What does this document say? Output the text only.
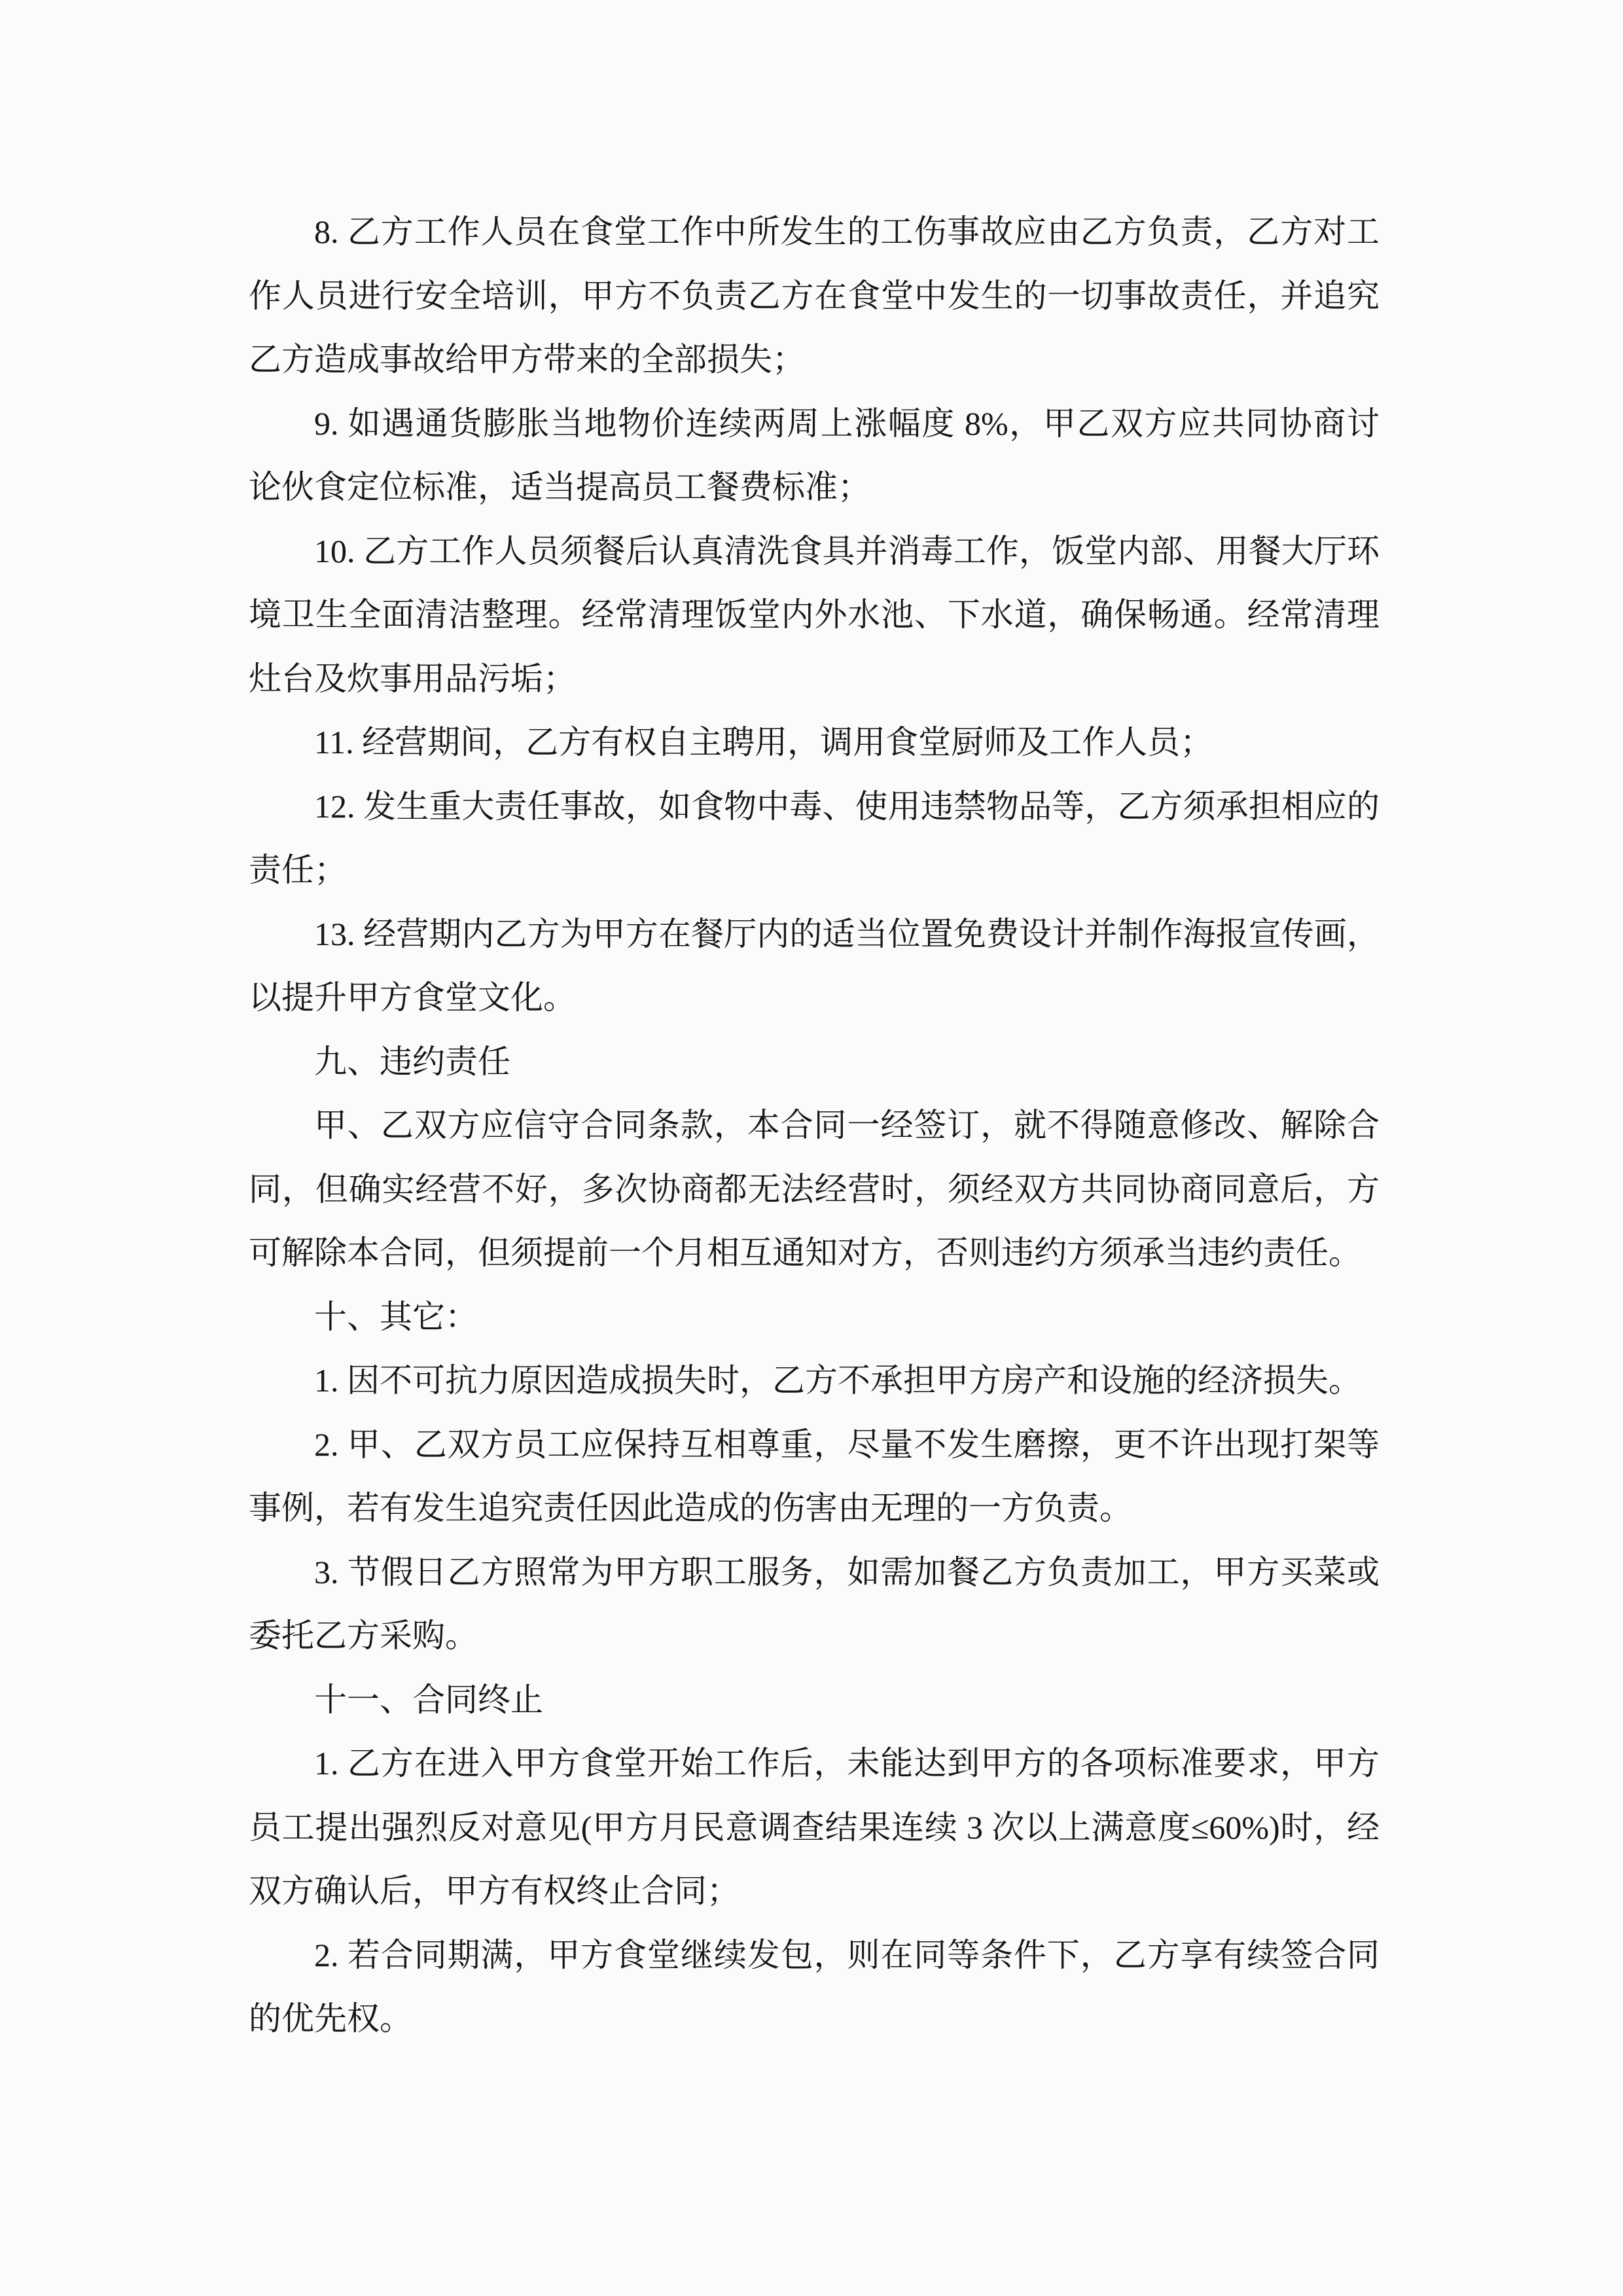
8. 乙方工作人员在食堂工作中所发生的工伤事故应由乙方负责，乙方对工作人员进行安全培训，甲方不负责乙方在食堂中发生的一切事故责任，并追究乙方造成事故给甲方带来的全部损失；

9. 如遇通货膨胀当地物价连续两周上涨幅度 8%，甲乙双方应共同协商讨论伙食定位标准，适当提高员工餐费标准；

10. 乙方工作人员须餐后认真清洗食具并消毒工作，饭堂内部、用餐大厅环境卫生全面清洁整理。经常清理饭堂内外水池、下水道，确保畅通。经常清理灶台及炊事用品污垢；

11. 经营期间，乙方有权自主聘用，调用食堂厨师及工作人员；

12. 发生重大责任事故，如食物中毒、使用违禁物品等，乙方须承担相应的责任；

13. 经营期内乙方为甲方在餐厅内的适当位置免费设计并制作海报宣传画，以提升甲方食堂文化。

九、违约责任

甲、乙双方应信守合同条款，本合同一经签订，就不得随意修改、解除合同，但确实经营不好，多次协商都无法经营时，须经双方共同协商同意后，方可解除本合同，但须提前一个月相互通知对方，否则违约方须承当违约责任。

十、其它：

1. 因不可抗力原因造成损失时，乙方不承担甲方房产和设施的经济损失。

2. 甲、乙双方员工应保持互相尊重，尽量不发生磨擦，更不许出现打架等事例，若有发生追究责任因此造成的伤害由无理的一方负责。

3. 节假日乙方照常为甲方职工服务，如需加餐乙方负责加工，甲方买菜或委托乙方采购。

十一、合同终止

1. 乙方在进入甲方食堂开始工作后，未能达到甲方的各项标准要求，甲方员工提出强烈反对意见(甲方月民意调查结果连续 3 次以上满意度≤60%)时，经双方确认后，甲方有权终止合同；

2. 若合同期满，甲方食堂继续发包，则在同等条件下，乙方享有续签合同的优先权。
